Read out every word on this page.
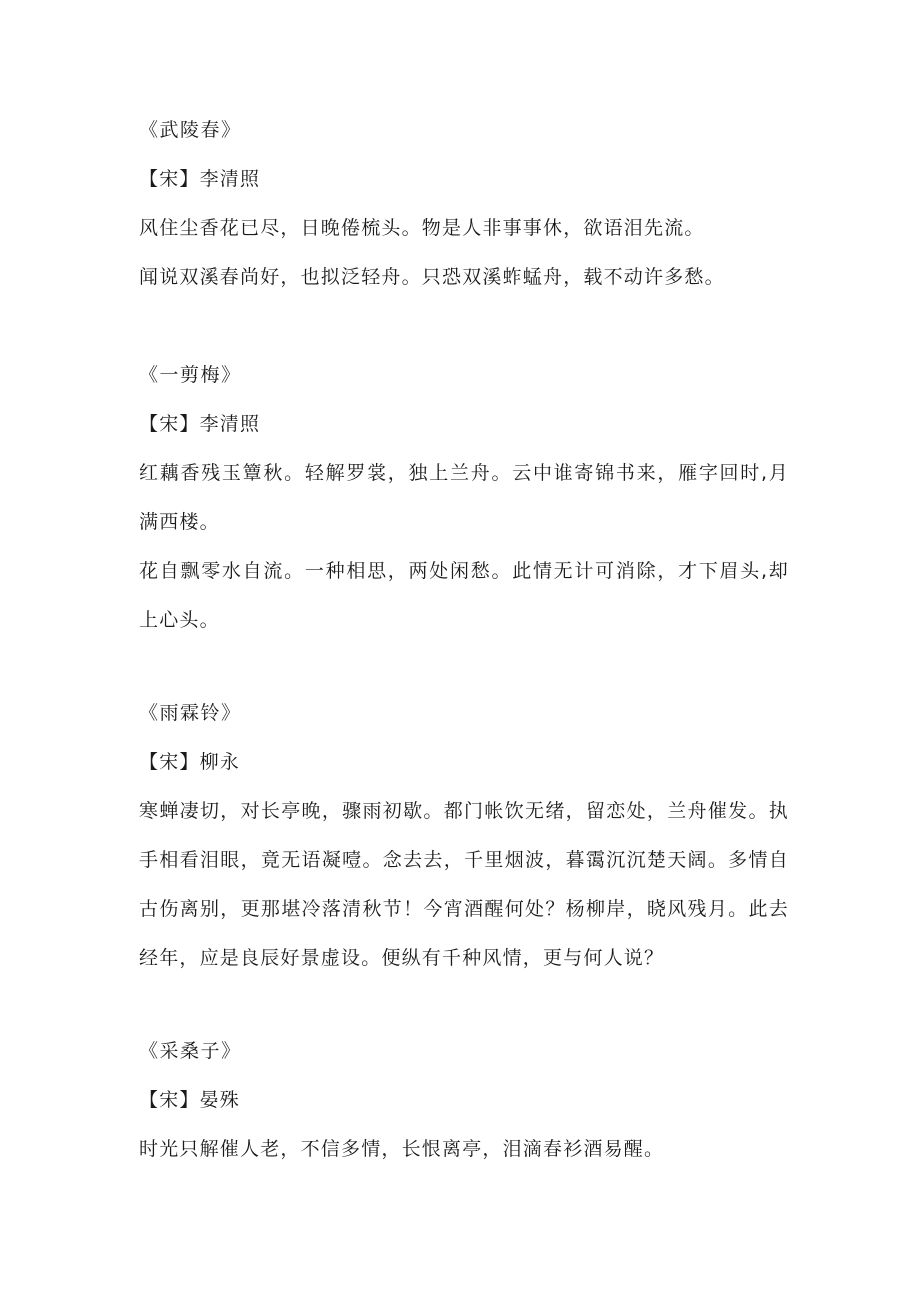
《武陵春》
【宋】李清照
风住尘香花已尽，日晚倦梳头。物是人非事事休，欲语泪先流。
闻说双溪春尚好，也拟泛轻舟。只恐双溪蚱蜢舟，载不动许多愁。
《一剪梅》
【宋】李清照
红藕香残玉簟秋。轻解罗裳，独上兰舟。云中谁寄锦书来，雁字回时,月满西楼。
花自飘零水自流。一种相思，两处闲愁。此情无计可消除，才下眉头,却上心头。
《雨霖铃》
【宋】柳永
寒蝉凄切，对长亭晚，骤雨初歇。都门帐饮无绪，留恋处，兰舟催发。执手相看泪眼，竟无语凝噎。念去去，千里烟波，暮霭沉沉楚天阔。多情自古伤离别，更那堪冷落清秋节！今宵酒醒何处？杨柳岸，晓风残月。此去经年，应是良辰好景虚设。便纵有千种风情，更与何人说？
《采桑子》
【宋】晏殊
时光只解催人老，不信多情，长恨离亭，泪滴春衫酒易醒。
